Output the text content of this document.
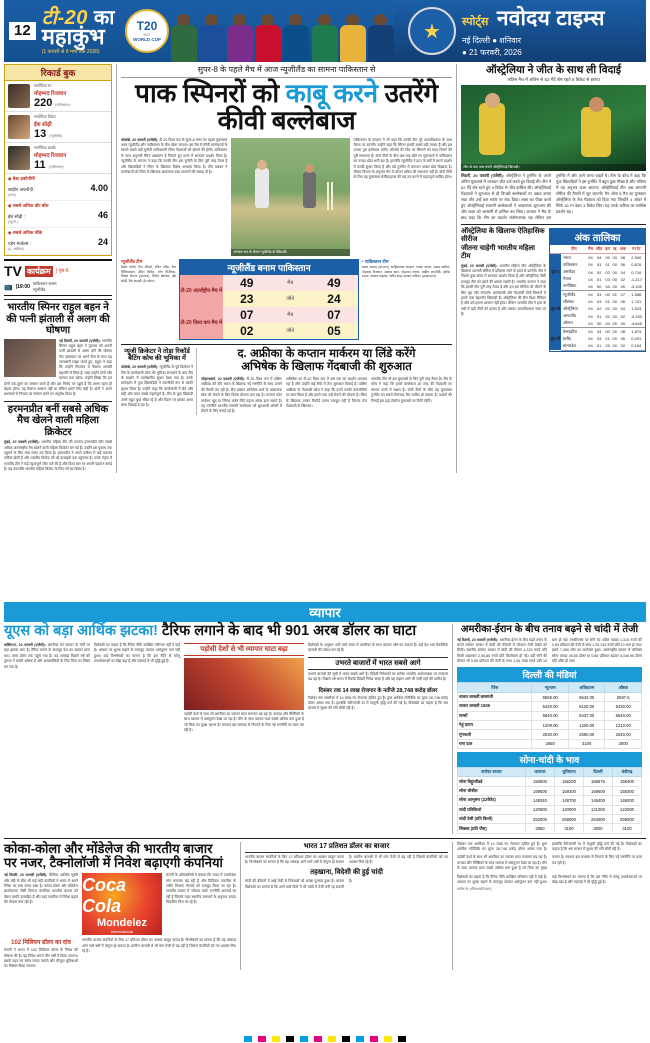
12
टी-20 का
महाकुंभ
(1 फरवरी से 8 मार्च तक 2026)
T20
ICC
WORLD CUP	★ स्पोर्ट्स नवोदय टाइम्स
नई दिल्ली ● शनिवार
● 21 फरवरी, 2026
रिकार्ड बुक
सर्वाधिक रन
मोहम्मद रिजवान
220 (पाकिस्तान)
सर्वाधिक विकेट
ईश सोढ़ी
13 (न्यूजीलैंड)
सर्वाधिक छक्के
मोहम्मद रिजवान
11 (पाकिस्तान)
◆ बेस्ट इकोनॉमी
शाहीन अफरीदी :	4.00
(पाक)
◆ सबसे अधिक डॉट बॉल
ईश सोढ़ी :	46
(न्यूजी.)
◆ सबसे अधिक चौके
एडेन मार्करम :	24
(द. अफ्रीका)
TV कार्यक्रम	| पृष्ठ-6
📺 |19:00
पाकिस्तान बनाम
न्यूजीलैंड
भारतीय स्पिनर राहुल बहन ने की पत्नी झंताली से अलग की घोषणा
नई दिल्ली, 20 फरवरी (एजेंसी): भारतीय स्पिनर राहुल बहन ने गुरुवार को अपनी पत्नी झंताली से अलग होने की घोषणा की। इंस्टाग्राम पर अपने फैंस के साथ यह जानकारी साझा करते हुए, राहुल ने कहा कि उन्होंने मिलकर ये फैसला आपसी सहमति से लिया है, जहां उन्होंने दोनों और सम्मान बना रहेगा। उन्होंने लिखा कि हम दोनों एक-दूसरे का सम्मान करते हैं और इस निर्णय पर पहुंचे हैं कि अलग रहना ही बेहतर होगा। यह फैसला आसान नहीं था लेकिन हमारे लिए सही है। दोनों ने अपने प्रशंसकों से निजता का सम्मान करने का अनुरोध किया है।
हरमनप्रीत बनीं सबसे अधिक मैच खेलने वाली महिला क्रिकेटर
मुंबई, 20 फरवरी (एजेंसी): भारतीय महिला टीम की कप्तान हरमनप्रीत कौर सबसे अधिक अंतरराष्ट्रीय मैच खेलने वाली महिला क्रिकेटर बन गई हैं। उन्होंने इस मुकाम तक पहुंचने के लिए लंबा सफर तय किया है। हरमनप्रीत ने अपने करियर में कई यादगार पारियां खेली हैं और भारतीय क्रिकेट को नई ऊंचाइयों तक पहुंचाया है। उनके नेतृत्व में भारतीय टीम ने कई महत्वपूर्ण जीत दर्ज की हैं और विश्व स्तर पर अपनी पहचान बनाई है। यह उपलब्धि भारतीय महिला क्रिकेट के लिए गर्व का विषय है।
सुपर-8 के पहले मैच में आज न्यूजीलैंड का सामना पाकिस्तान से
पाक स्पिनरों को काबू करने उतरेंगे कीवी बल्लेबाज
कोलंबो, 20 फरवरी (एजेंसी): टी-20 विश्व कप के सुपर-8 चरण का पहला मुकाबला आज न्यूजीलैंड और पाकिस्तान के बीच खेला जाएगा। इस मैच में कीवी बल्लेबाजों के सामने सबसे बड़ी चुनौती पाकिस्तानी स्पिन गेंदबाजों को खेलने की होगी। पाकिस्तान के पास अनुभवी स्पिन आक्रमण है जिसने ग्रुप चरण में शानदार प्रदर्शन किया है। न्यूजीलैंड के कप्तान ने कहा कि उनकी टीम इस चुनौती के लिए पूरी तरह तैयार है और खिलाड़ियों ने स्पिन के खिलाफ विशेष अभ्यास किया है। टीम प्रबंधन ने बल्लेबाजों को स्पिन के खिलाफ आक्रामक रुख अपनाने की सलाह दी है।
अभ्यास सत्र के दौरान न्यूजीलैंड के खिलाड़ी।
पाकिस्तान के कप्तान ने भी कहा कि उनकी टीम पूरे आत्मविश्वास के साथ मैदान पर उतरेगी। उन्होंने कहा कि स्पिनर हमारी सबसे बड़ी ताकत हैं और हम उनका पूरा इस्तेमाल करेंगे। कोलंबो की पिच पर स्पिनरों को मदद मिलने की पूरी संभावना है। दोनों टीमों के बीच अब तक खेले गए मुकाबलों में पाकिस्तान का पलड़ा थोड़ा भारी रहा है। हालांकि न्यूजीलैंड ने हाल के वर्षों में अपने प्रदर्शन में काफी सुधार किया है और बड़े टूर्नामेंट में लगातार अच्छा खेल दिखाया है। मौसम विभाग के अनुसार मैच के दौरान बारिश की संभावना नहीं है। दोनों टीमों के लिए यह मुकाबला सेमीफाइनल की राह तय करने में महत्वपूर्ण साबित होगा।
न्यूजीलैंड टीम
डेवोन कॉन्वे, टिम सीफर्ट, रचिन रवींद्र, केन विलियमसन, डेरिल मिचेल, ग्लेन फिलिप्स, मिचेल सैंटनर (कप्तान), मिचेल ब्रेसवेल, ईश सोढ़ी, टिम साउदी, ट्रेंट बोल्ट।
न्यूजीलैंड बनाम पाकिस्तान
टी-20 अंतर्राष्ट्रीय मैच में	49	मैच	49
	23	जीते	24
टी-20 विश्व कप मैच में	07	मैच	07
	02	जीते	05
• पाकिस्तान टीम
बाबर आजम (कप्तान), साहिबजादा फरहान, फखर जमान, सऊद शकील, मोहम्मद रिजवान, शादाब खान, मोहम्मद नवाज, शाहीन अफरीदी, हारिस रऊफ, अबरार अहमद, नसीम शाह, उस्मान तारिक। (उपकप्तान)
न्यूजी क्रिकेटर ने तोड़ा रिकॉर्ड
बैटिंग कोच की भूमिका में
कोलंबो, 20 फरवरी (एजेंसी): न्यूजीलैंड के पूर्व क्रिकेटर ने टीम के बल्लेबाजी कोच की भूमिका संभालने के बाद टीम के प्रदर्शन में उल्लेखनीय सुधार देखा गया है। उनके मार्गदर्शन में युवा खिलाड़ियों ने तकनीकी रूप से काफी सुधार किया है। उन्होंने कहा कि बल्लेबाजी में धैर्य और सही शॉट चयन सबसे महत्वपूर्ण है। टीम के युवा खिलाड़ी उनसे बहुत कुछ सीख रहे हैं और मैदान पर इसका असर साफ दिखाई दे रहा है।
द. अफ्रीका के कप्तान मार्करम या लिंडे करेंगे
अभिषेक के खिलाफ गेंदबाजी की शुरुआत
जोहान्सबर्ग, 20 फरवरी (एजेंसी): टी-20 विश्व कप में दक्षिण अफ्रीका की टीम भारत के खिलाफ नई रणनीति के साथ उतरने की तैयारी कर रही है। टीम प्रबंधन अभिषेक शर्मा के आक्रामक खेल को रोकने के लिए विशेष योजना बना रहा है। कप्तान एडेन मार्करम खुद या स्पिनर बर्जन लिंडे पहला ओवर डाल सकते हैं। यह रणनीति भारतीय सलामी बल्लेबाज को शुरुआती ओवरों में रोकने के लिए बनाई गई है।
अभिषेक का टी-20 विश्व कप में अब तक का प्रदर्शन शानदार रहा है और उन्होंने कई मैचों में तेज शुरुआत दिलाई है। दक्षिण अफ्रीका के गेंदबाजी कोच ने कहा कि हमने उनकी कमजोरियों पर काम किया है और हमारे पास उन्हें रोकने की योजना है। स्पिन के खिलाफ उनका रिकॉर्ड उतना मजबूत नहीं है जितना तेज गेंदबाजी के खिलाफ।
भारतीय टीम भी इस मुकाबले के लिए पूरी तरह तैयार है। टीम के कोच ने कहा कि हमारे बल्लेबाज हर तरह की गेंदबाजी का सामना करने में सक्षम हैं। दोनों टीमों के बीच यह मुकाबला टूर्नामेंट का सबसे रोमांचक मैच साबित हो सकता है। दर्शकों की निगाहें इस हाई-वोल्टेज मुकाबले पर टिकी रहेंगी।
ऑस्ट्रेलिया ने जीत के साथ ली विदाई
अंतिम मैच में अंतिम से 62 गेंदें शेष रहते 9 विकेट से हराया
जीत के बाद जश्न मनाते ऑस्ट्रेलियाई खिलाड़ी।
सिडनी, 20 फरवरी (एजेंसी): ऑस्ट्रेलिया ने टूर्नामेंट के अपने अंतिम मुकाबले में शानदार जीत दर्ज करते हुए विदाई ली। टीम ने 62 गेंदें शेष रहते हुए 9 विकेट से जीत हासिल की। ऑस्ट्रेलियाई गेंदबाजों ने शुरुआत से ही विपक्षी बल्लेबाजों पर दबाव बनाए रखा और उन्हें कम स्कोर पर रोक दिया। लक्ष्य का पीछा करते हुए ऑस्ट्रेलियाई सलामी बल्लेबाजों ने आक्रामक शुरुआत की और लक्ष्य को आसानी से हासिल कर लिया। कप्तान ने मैच के बाद कहा कि टीम का प्रदर्शन संतोषजनक रहा लेकिन हम टूर्नामेंट में और आगे जाना चाहते थे। टीम के कोच ने कहा कि युवा खिलाड़ियों ने इस टूर्नामेंट में बहुत कुछ सीखा है और भविष्य में यह अनुभव काम आएगा। ऑस्ट्रेलियाई टीम अब आगामी सीरीज की तैयारी में जुट जाएगी। मैन ऑफ द मैच का पुरस्कार ऑस्ट्रेलिया के तेज गेंदबाज को दिया गया जिन्होंने 4 ओवर में सिर्फ 18 रन देकर 3 विकेट लिए। यह उनके करियर का सर्वश्रेष्ठ प्रदर्शन रहा।
ऑस्ट्रेलिया के खिलाफ ऐतिहासिक सीरीज
जीतना चाहेगी भारतीय महिला टीम
मुंबई, 20 फरवरी (एजेंसी): भारतीय महिला टीम ऑस्ट्रेलिया के खिलाफ आगामी सीरीज में इतिहास रचने के इरादे से उतरेगी। टीम ने पिछले कुछ समय में शानदार प्रदर्शन किया है और ऑस्ट्रेलिया जैसी मजबूत टीम को हराने की क्षमता रखती है। भारतीय कप्तान ने कहा कि हमारी टीम पूरी तरह तैयार है और हम इस सीरीज को जीतने के लिए पूरा जोर लगाएंगे। बल्लेबाजी और गेंदबाजी दोनों विभागों में हमारे पास बेहतरीन खिलाड़ी हैं। ऑस्ट्रेलिया की टीम विश्व चैंपियन है और उसे हराना आसान नहीं होगा। लेकिन भारतीय टीम ने हाल के वर्षों में बड़ी टीमों को हराया है और उसका आत्मविश्वास चरम पर है।
अंक तालिका
	टीम	मैच	जीत	हार	रद्द	अंक	रन रेट
ग्रुप-ए	भारत	04	04	00	00	08	2.500
	पाकिस्तान	04	03	01	00	06	0.876
	अमरीका	04	02	02	00	04	0.710
	नेपाल	04	01	03	00	02	-1.217
	नामीबिया	04	00	04	00	00	-3.100
ग्रुप-बी	न्यूजीलैंड	04	03	00	01	07	1.566
	श्रीलंका	04	03	01	00	06	1.741
	ऑस्ट्रेलिया	04	02	02	00	04	1.523
	आयरलैंड	04	01	02	00	02	-0.150
	ओमान	04	00	04	00	00	-4.845
ग्रुप-सी	वेस्टइंडीज	04	04	00	00	08	1.874
	इंग्लैंड	04	03	01	00	06	0.291
	बांग्लादेश	04	01	03	00	02	0.104
व्यापार
यूएस को बड़ा आर्थिक झटका! टैरिफ लगाने के बाद भी 901 अरब डॉलर का घाटा
वाशिंगटन, 20 फरवरी (एजेंसी): अमरीका को व्यापार के मोर्चे पर बड़ा झटका लगा है। टैरिफ लगाने के बावजूद देश का व्यापार घाटा 901 अरब डॉलर तक पहुंच गया है। यह आंकड़ा पिछले वर्ष की तुलना में काफी अधिक है और अर्थशास्त्रियों के लिए चिंता का विषय बन गया है।
विशेषज्ञों का कहना है कि टैरिफ नीति अपेक्षित परिणाम नहीं दे पाई है। आयात पर शुल्क बढ़ाने के बावजूद व्यापार असंतुलन कम नहीं हुआ। कई विश्लेषकों का मानना है कि इस नीति से घरेलू उपभोक्ताओं पर बोझ बढ़ा है और महंगाई में भी वृद्धि हुई है।
पड़ोसी देशों से भी व्यापार घाटा बढ़ा
पड़ोसी देशों के साथ भी अमरीका का व्यापार घाटा लगातार बढ़ रहा है। कनाडा और मैक्सिको के साथ व्यापार में असंतुलन देखा जा रहा है। चीन के साथ व्यापार घाटा सबसे अधिक बना हुआ है जो चिंता का मुख्य कारण है। सरकार इस समस्या से निपटने के लिए नई रणनीति पर काम कर रही है।
विशेषज्ञों के अनुसार आने वाले समय में अमरीका के साथ व्यापार और घट सकता है। कई देश अब वैकल्पिक बाजारों की तलाश कर रहे हैं।
उभरते बाजारों में भारत सबसे आगे
उभरते बाजारों की सूची में भारत सबसे आगे है। विदेशी निवेशकों का भरोसा भारतीय अर्थव्यवस्था पर लगातार बढ़ रहा है। पिछले वर्ष भारत में रिकॉर्ड विदेशी निवेश आया है और यह रुझान आगे भी जारी रहने की उम्मीद है।
दिसंबर तक 14 लाख रोजगार के नतीजे 28,748 करोड़ डॉलर
दिसंबर तक अमरीका में 14 लाख नए रोजगार सृजित हुए हैं। कुल आर्थिक गतिविधि का मूल्य 28,748 करोड़ डॉलर आंका गया है। हालांकि बेरोजगारी दर में मामूली वृद्धि दर्ज की गई है। विशेषज्ञों का कहना है कि श्रम बाजार में सुधार की गति धीमी रही है।
अमरीका-ईरान के बीच तनाव बढ़ने से चांदी में तेजी
नई दिल्ली, 20 फरवरी (एजेंसी): अमरीका-ईरान के बीच बढ़ते तनाव के चलते सर्राफा बाजार में चांदी की कीमतों में जोरदार तेजी देखने को मिली। स्थानीय सर्राफा बाजार में चांदी की कीमत 4,375 रुपये प्रति किलो उछलकर 2,06,85 रुपये प्रति किलोग्राम हो गई। वहीं सोने की कीमत भी 0.85 प्रतिशत की तेजी के साथ 1,26 लाख रुपये प्रति 10 ग्राम हो गई। एमसीएक्स पर सोने का अप्रैल वायदा 1,315 रुपये की 0.85 प्रतिशत की तेजी के साथ 1,26,134 रुपये प्रति 10 ग्राम हो गया। इसमें 7,355 लॉट का कारोबार हुआ। अंतरराष्ट्रीय बाजार में कॉमेक्स सोना वायदा 49.55 डॉलर या 0.85 प्रतिशत बढ़कर 5,046.95 डॉलर प्रति औंस हो गया।
दिल्ली की मंडियां
जिंस	न्यूनतम	अधिकतम	औसत
चावल शरबती बासमती	5565.00	6542.00	5597.5
चावल शरबती 1509	5420.00	6120.00	5430.00
सरसों	5840.00	5437.00	5640.00
गेहूं प्रताप	1209.00	1200.00	1210.00
मूंगफली	2530.00	2590.00	2540.00
चना दाल	2850	3100	3000
सोना-चांदी के भाव
सर्राफा बाजार	जालंधर	लुधियाना	दिल्ली	चंडीगढ़
सोना बिट्टू/स्टैंडर्ड	156500	156200	159575	158400
सोना चौबीस	159500	159200	159600	158300
सोना आभूषण (22कैरेट)	148340	148700	146400	146000
चांदी प्रतिकिलो	120900	120000	121000	122000
चांदी देसी (प्रति किलो)	253000	259000	254000	255000
सिक्का (प्रति पीस)	2850	3100	3000	3100
कोका-कोला और मोंडेलेज की भारतीय बाजार
पर नजर, टैक्नोलॉजी में निवेश बढ़ाएगी कंपनियां
नई दिल्ली, 20 फरवरी (एजेंसी): वैश्विक आर्थिक सुस्ती और मंदी के बीच भी कई बड़ी कंपनियों ने भारत में अपने निवेश का रुख बनाए रखा है। कोका-कोला और मोंडेलेज इंटरनेशनल जैसी दिग्गज कंपनियां भारतीय बाजार को लेकर काफी उत्साहित हैं और यहां तकनीक में निवेश बढ़ाने की योजना बना रही हैं।
Coca Cola
Mondelez
International
कंपनी के अधिकारियों ने बताया कि भारत में उपभोक्ता मांग लगातार बढ़ रही है और डिजिटल तकनीक के जरिए वितरण नेटवर्क को मजबूत किया जा रहा है। भारतीय बाजार में 'लोकल फर्स्ट' रणनीति अपनाई जा रही है जिसके तहत स्थानीय जरूरतों के अनुसार उत्पाद विकसित किए जा रहे हैं।
102 मिलियन डॉलर का दांव
कंपनी ने भारत में 102 मिलियन डॉलर के निवेश की घोषणा की है। यह निवेश अगले तीन वर्षों में किया जाएगा। इसके तहत नए संयंत्र लगाए जाएंगे और मौजूदा सुविधाओं का विस्तार किया जाएगा।
भारतीय बाजार कंपनियों के लिए 17 प्रतिशत डॉलर का अवसर प्रस्तुत करता है। विश्लेषकों का मानना है कि यह आंकड़ा आने वाले वर्षों में दोगुना हो सकता है। ग्रामीण बाजारों में भी मांग तेजी से बढ़ रही है जिससे कंपनियों को नए अवसर मिल रहे हैं।
भारत 17 प्रतिशत डॉलर का बाजार
भारतीय बाजार कंपनियों के लिए 17 प्रतिशत डॉलर का अवसर प्रस्तुत करता है। विश्लेषकों का मानना है कि यह आंकड़ा आने वाले वर्षों में दोगुना हो सकता है। ग्रामीण बाजारों में भी मांग तेजी से बढ़ रही है जिससे कंपनियों को नए अवसर मिल रहे हैं।
तहखाना, विदेशी की हुई चांदी
चांदी की कीमतों में आई तेजी से निवेशकों को अच्छा मुनाफा हुआ है। बाजार विशेषज्ञों का मानना है कि आने वाले दिनों में भी चांदी में तेजी बनी रह सकती है।
दिसंबर तक अमरीका में 14 लाख नए रोजगार सृजित हुए हैं। कुल आर्थिक गतिविधि का मूल्य 28,748 करोड़ डॉलर आंका गया है। हालांकि बेरोजगारी दर में मामूली वृद्धि दर्ज की गई है। विशेषज्ञों का कहना है कि श्रम बाजार में सुधार की गति धीमी रही है।
पड़ोसी देशों के साथ भी अमरीका का व्यापार घाटा लगातार बढ़ रहा है। कनाडा और मैक्सिको के साथ व्यापार में असंतुलन देखा जा रहा है। चीन के साथ व्यापार घाटा सबसे अधिक बना हुआ है जो चिंता का मुख्य कारण है। सरकार इस समस्या से निपटने के लिए नई रणनीति पर काम कर रही है।
विशेषज्ञों का कहना है कि टैरिफ नीति अपेक्षित परिणाम नहीं दे पाई है। आयात पर शुल्क बढ़ाने के बावजूद व्यापार असंतुलन कम नहीं हुआ। कई विश्लेषकों का मानना है कि इस नीति से घरेलू उपभोक्ताओं पर बोझ बढ़ा है और महंगाई में भी वृद्धि हुई है।
प्रतीक रेट (कीमत/प्रति ग्राम)
